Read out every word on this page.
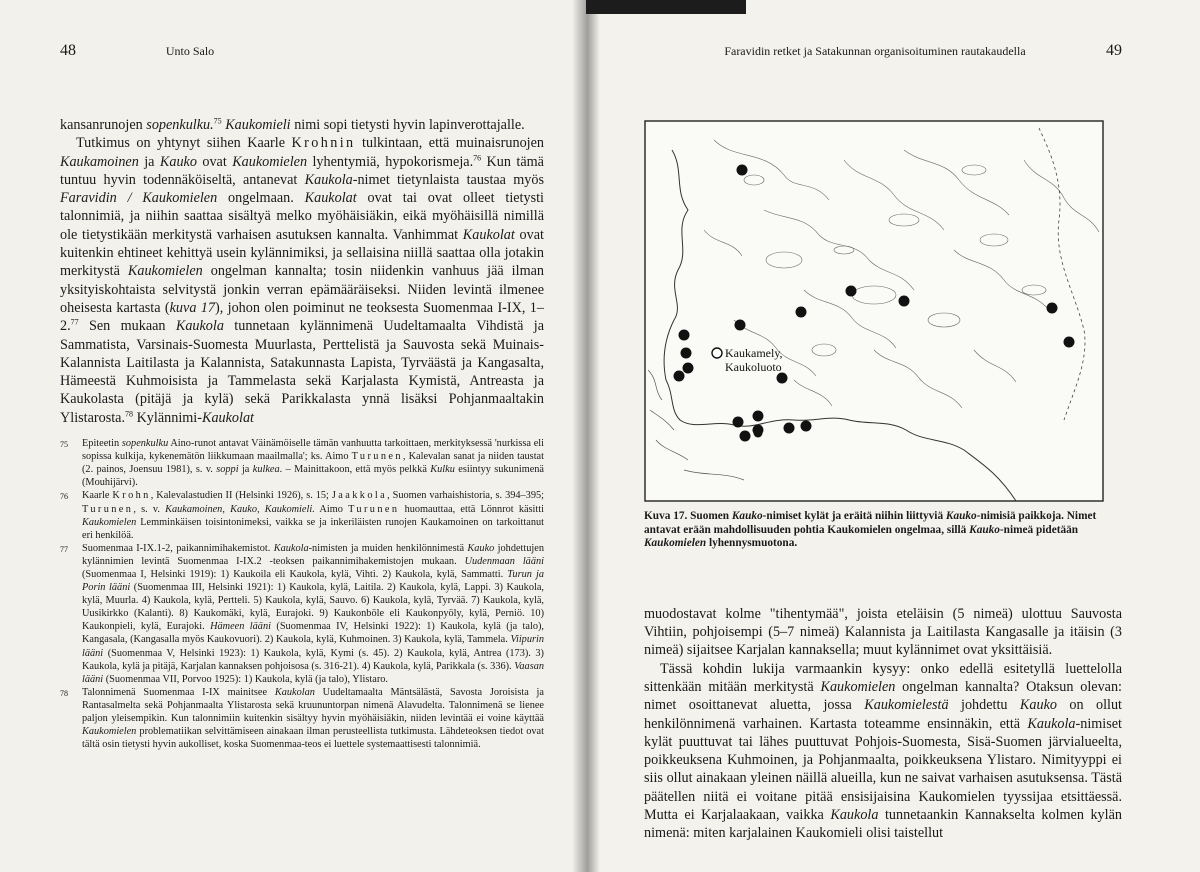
48	Unto Salo

kansanrunojen sopenkulku.$^{75}$ Kaukomieli nimi sopi tietysti hyvin lapinverottajalle.

Tutkimus on yhtynyt siihen Kaarle Krohnin tulkintaan, että muinaisrunojen Kaukamoinen ja Kauko ovat Kaukomielen lyhentymiä, hypokorismeja.$^{76}$ Kun tämä tuntuu hyvin todennäköiseltä, antanevat Kaukola-nimet tietynlaista taustaa myös Faravidin / Kaukomielen ongelmaan. Kaukolat ovat tai ovat olleet tietysti talonnimiä, ja niihin saattaa sisältyä melko myöhäisiäkin, eikä myöhäisillä nimillä ole tietystikään merkitystä varhaisen asutuksen kannalta. Vanhimmat Kaukolat ovat kuitenkin ehtineet kehittyä usein kylännimiksi, ja sellaisina niillä saattaa olla jotakin merkitystä Kaukomielen ongelman kannalta; tosin niidenkin vanhuus jää ilman yksityiskohtaista selvitystä jonkin verran epämääräiseksi. Niiden levintä ilmenee oheisesta kartasta (kuva 17), johon olen poiminut ne teoksesta Suomenmaa I-IX, 1–2.77 Sen mukaan Kaukola tunnetaan kylännimenä Uudeltamaalta Vihdistä ja Sammatista, Varsinais-Suomesta Muurlasta, Perttelistä ja Sauvosta sekä Muinais-Kalannista Laitilasta ja Kalannista, Satakunnasta Lapista, Tyrväästä ja Kangasalta, Hämeestä Kuhmoisista ja Tammelasta sekä Karjalasta Kymistä, Antreasta ja Kaukolasta (pitäjä ja kylä) sekä Parikkalasta ynnä lisäksi Pohjanmaaltakin Ylistarosta.$^{78}$ Kylännimi-Kaukolat

75	Epiteetin sopenkulku Aino-runot antavat Väinämöiselle tämän vanhuutta tarkoittaen, merkityksessä 'nurkissa eli sopissa kulkija, kykenemätön liikkumaan maailmalla'; ks. Aimo Turunen, Kalevalan sanat ja niiden taustat (2. painos, Joensuu 1981), s. v. soppi ja kulkea. – Mainittakoon, että myös pelkkä Kulku esiintyy sukunimenä (Mouhijärvi).
76	Kaarle Krohn, Kalevalastudien II (Helsinki 1926), s. 15; Jaakkola, Suomen varhaishistoria, s. 394–395; Turunen, s. v. Kaukamoinen, Kauko, Kaukomieli. Aimo Turunen huomauttaa, että Lönnrot käsitti Kaukomielen Lemminkäisen toisintonimeksi, vaikka se ja inkeriläisten runojen Kaukamoinen on tarkoittanut eri henkilöä.
77	Suomenmaa I-IX.1-2, paikannimihakemistot. Kaukola-nimisten ja muiden henkilönnimestä Kauko johdettujen kylännimien levintä Suomenmaa I-IX.2 -teoksen paikannimihakemistojen mukaan. Uudenmaan lääni (Suomenmaa I, Helsinki 1919): 1) Kaukoila eli Kaukola, kylä, Vihti. 2) Kaukola, kylä, Sammatti. Turun ja Porin lääni (Suomenmaa III, Helsinki 1921): 1) Kaukola, kylä, Laitila. 2) Kaukola, kylä, Lappi. 3) Kaukola, kylä, Muurla. 4) Kaukola, kylä, Pertteli. 5) Kaukola, kylä, Sauvo. 6) Kaukola, kylä, Tyrvää. 7) Kaukola, kylä, Uusikirkko (Kalanti). 8) Kaukomäki, kylä, Eurajoki. 9) Kaukonböle eli Kaukonpyöly, kylä, Perniö. 10) Kaukonpieli, kylä, Eurajoki. Hämeen lääni (Suomenmaa IV, Helsinki 1922): 1) Kaukola, kylä (ja talo), Kangasala, (Kangasalla myös Kaukovuori). 2) Kaukola, kylä, Kuhmoinen. 3) Kaukola, kylä, Tammela. Viipurin lääni (Suomenmaa V, Helsinki 1923): 1) Kaukola, kylä, Kymi (s. 45). 2) Kaukola, kylä, Antrea (173). 3) Kaukola, kylä ja pitäjä, Karjalan kannaksen pohjoisosa (s. 316-21). 4) Kaukola, kylä, Parikkala (s. 336). Vaasan lääni (Suomenmaa VII, Porvoo 1925): 1) Kaukola, kylä (ja talo), Ylistaro.
78	Talonnimenä Suomenmaa I-IX mainitsee Kaukolan Uudeltamaalta Mäntsälästä, Savosta Joroisista ja Rantasalmelta sekä Pohjanmaalta Ylistarosta sekä kruununtorpan nimenä Alavudelta. Talonnimenä se lienee paljon yleisempikin. Kun talonnimiin kuitenkin sisältyy hyvin myöhäisiäkin, niiden levintää ei voine käyttää Kaukomielen problematiikan selvittämiseen ainakaan ilman perusteellista tutkimusta. Lähdeteoksen tiedot ovat tältä osin tietysti hyvin aukolliset, koska Suomenmaa-teos ei luettele systemaattisesti talonnimiä.
Faravidin retket ja Satakunnan organisoituminen rautakaudella	49
Kaukamely,
Kaukoluoto
Kuva 17. Suomen Kauko-nimiset kylät ja eräitä niihin liittyviä Kauko-nimisiä paikkoja. Nimet antavat erään mahdollisuuden pohtia Kaukomielen ongelmaa, sillä Kauko-nimeä pidetään Kaukomielen lyhennysmuotona.

muodostavat kolme "tihentymää", joista eteläisin (5 nimeä) ulottuu Sauvosta Vihtiin, pohjoisempi (5–7 nimeä) Kalannista ja Laitilasta Kangasalle ja itäisin (3 nimeä) sijaitsee Karjalan kannaksella; muut kylännimet ovat yksittäisiä.

Tässä kohdin lukija varmaankin kysyy: onko edellä esitetyllä luettelolla sittenkään mitään merkitystä Kaukomielen ongelman kannalta? Otaksun olevan: nimet osoittanevat aluetta, jossa Kaukomielestä johdettu Kauko on ollut henkilönnimenä varhainen. Kartasta toteamme ensinnäkin, että Kaukola-nimiset kylät puuttuvat tai lähes puuttuvat Pohjois-Suomesta, Sisä-Suomen järvialueelta, poikkeuksena Kuhmoinen, ja Pohjanmaalta, poikkeuksena Ylistaro. Nimityyppi ei siis ollut ainakaan yleinen näillä alueilla, kun ne saivat varhaisen asutuksensa. Tästä päätellen niitä ei voitane pitää ensisijaisina Kaukomielen tyyssijaa etsittäessä. Mutta ei Karjalaakaan, vaikka Kaukola tunnetaankin Kannakselta kolmen kylän nimenä: miten karjalainen Kaukomieli olisi taistellut
